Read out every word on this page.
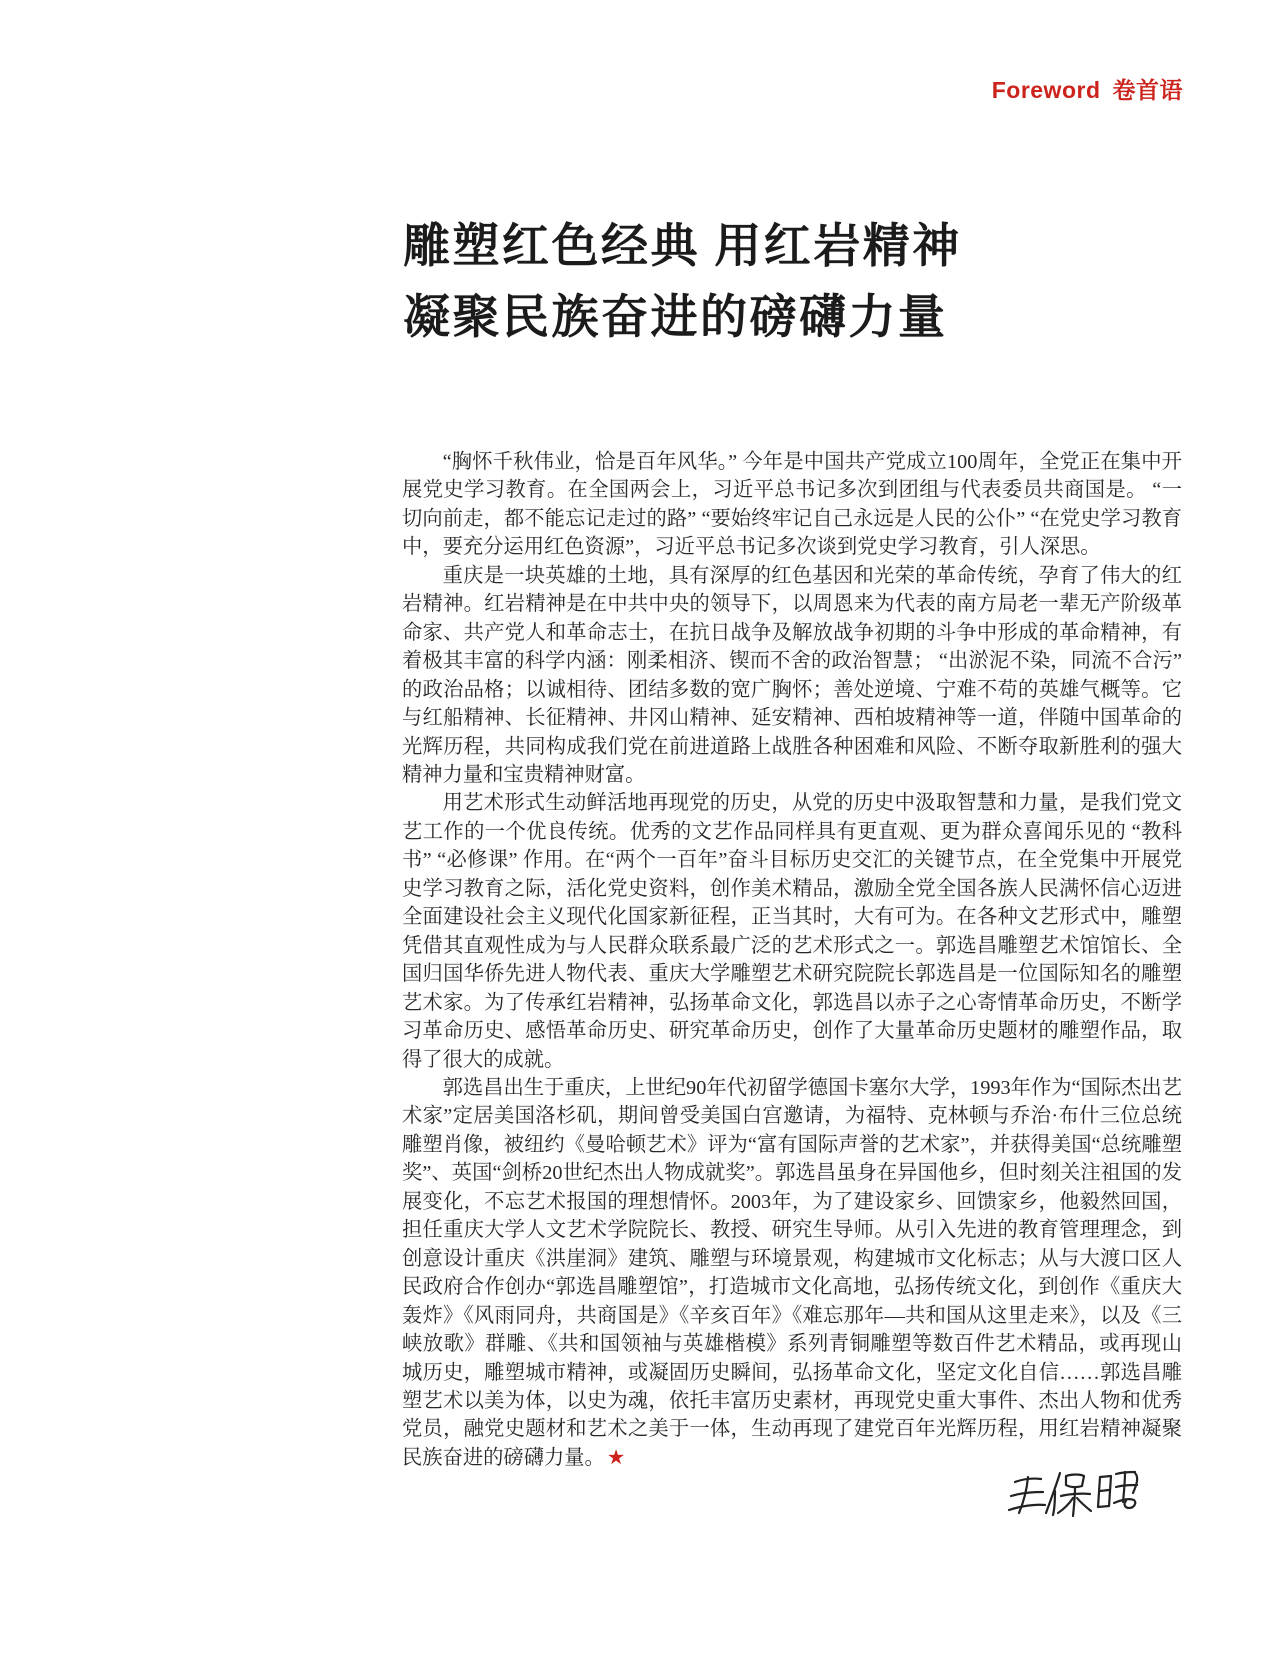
Foreword 卷首语
雕塑红色经典 用红岩精神
凝聚民族奋进的磅礴力量

“胸怀千秋伟业，恰是百年风华。” 今年是中国共产党成立100周年，全党正在集中开展党史学习教育。在全国两会上，习近平总书记多次到团组与代表委员共商国是。 “一切向前走，都不能忘记走过的路” “要始终牢记自己永远是人民的公仆” “在党史学习教育中，要充分运用红色资源”，习近平总书记多次谈到党史学习教育，引人深思。

重庆是一块英雄的土地，具有深厚的红色基因和光荣的革命传统，孕育了伟大的红岩精神。红岩精神是在中共中央的领导下，以周恩来为代表的南方局老一辈无产阶级革命家、共产党人和革命志士，在抗日战争及解放战争初期的斗争中形成的革命精神，有着极其丰富的科学内涵：刚柔相济、锲而不舍的政治智慧； “出淤泥不染，同流不合污” 的政治品格；以诚相待、团结多数的宽广胸怀；善处逆境、宁难不苟的英雄气概等。它与红船精神、长征精神、井冈山精神、延安精神、西柏坡精神等一道，伴随中国革命的光辉历程，共同构成我们党在前进道路上战胜各种困难和风险、不断夺取新胜利的强大精神力量和宝贵精神财富。

用艺术形式生动鲜活地再现党的历史，从党的历史中汲取智慧和力量，是我们党文艺工作的一个优良传统。优秀的文艺作品同样具有更直观、更为群众喜闻乐见的 “教科书” “必修课” 作用。在“两个一百年”奋斗目标历史交汇的关键节点，在全党集中开展党史学习教育之际，活化党史资料，创作美术精品，激励全党全国各族人民满怀信心迈进全面建设社会主义现代化国家新征程，正当其时，大有可为。在各种文艺形式中，雕塑凭借其直观性成为与人民群众联系最广泛的艺术形式之一。郭选昌雕塑艺术馆馆长、全国归国华侨先进人物代表、重庆大学雕塑艺术研究院院长郭选昌是一位国际知名的雕塑艺术家。为了传承红岩精神，弘扬革命文化，郭选昌以赤子之心寄情革命历史，不断学习革命历史、感悟革命历史、研究革命历史，创作了大量革命历史题材的雕塑作品，取得了很大的成就。

郭选昌出生于重庆，上世纪90年代初留学德国卡塞尔大学，1993年作为“国际杰出艺术家”定居美国洛杉矶，期间曾受美国白宫邀请，为福特、克林顿与乔治·布什三位总统雕塑肖像，被纽约《曼哈顿艺术》评为“富有国际声誉的艺术家”，并获得美国“总统雕塑奖”、英国“剑桥20世纪杰出人物成就奖”。郭选昌虽身在异国他乡，但时刻关注祖国的发展变化，不忘艺术报国的理想情怀。2003年，为了建设家乡、回馈家乡，他毅然回国，担任重庆大学人文艺术学院院长、教授、研究生导师。从引入先进的教育管理理念，到创意设计重庆《洪崖洞》建筑、雕塑与环境景观，构建城市文化标志；从与大渡口区人民政府合作创办“郭选昌雕塑馆”，打造城市文化高地，弘扬传统文化，到创作《重庆大轰炸》《风雨同舟，共商国是》《辛亥百年》《难忘那年—共和国从这里走来》，以及《三峡放歌》群雕、《共和国领袖与英雄楷模》系列青铜雕塑等数百件艺术精品，或再现山城历史，雕塑城市精神，或凝固历史瞬间，弘扬革命文化，坚定文化自信……郭选昌雕塑艺术以美为体，以史为魂，依托丰富历史素材，再现党史重大事件、杰出人物和优秀党员，融党史题材和艺术之美于一体，生动再现了建党百年光辉历程，用红岩精神凝聚民族奋进的磅礴力量。★
